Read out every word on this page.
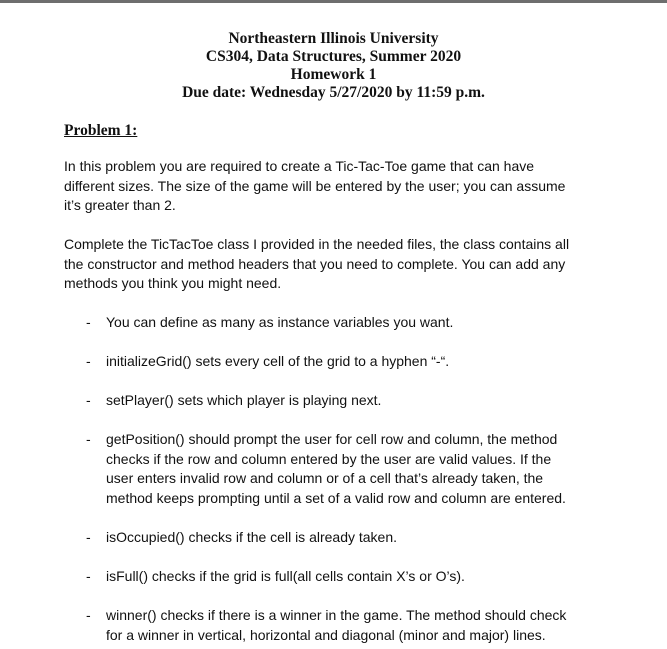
Northeastern Illinois University
CS304, Data Structures, Summer 2020
Homework 1
Due date: Wednesday 5/27/2020 by 11:59 p.m.
Problem 1:
In this problem you are required to create a Tic-Tac-Toe game that can have
different sizes. The size of the game will be entered by the user; you can assume
it’s greater than 2.
Complete the TicTacToe class I provided in the needed files, the class contains all
the constructor and method headers that you need to complete. You can add any
methods you think you might need.
- You can define as many as instance variables you want.
- initializeGrid() sets every cell of the grid to a hyphen “-“.
- setPlayer() sets which player is playing next.
- getPosition() should prompt the user for cell row and column, the method
checks if the row and column entered by the user are valid values. If the
user enters invalid row and column or of a cell that’s already taken, the
method keeps prompting until a set of a valid row and column are entered.
- isOccupied() checks if the cell is already taken.
- isFull() checks if the grid is full(all cells contain X’s or O’s).
- winner() checks if there is a winner in the game. The method should check
for a winner in vertical, horizontal and diagonal (minor and major) lines.
